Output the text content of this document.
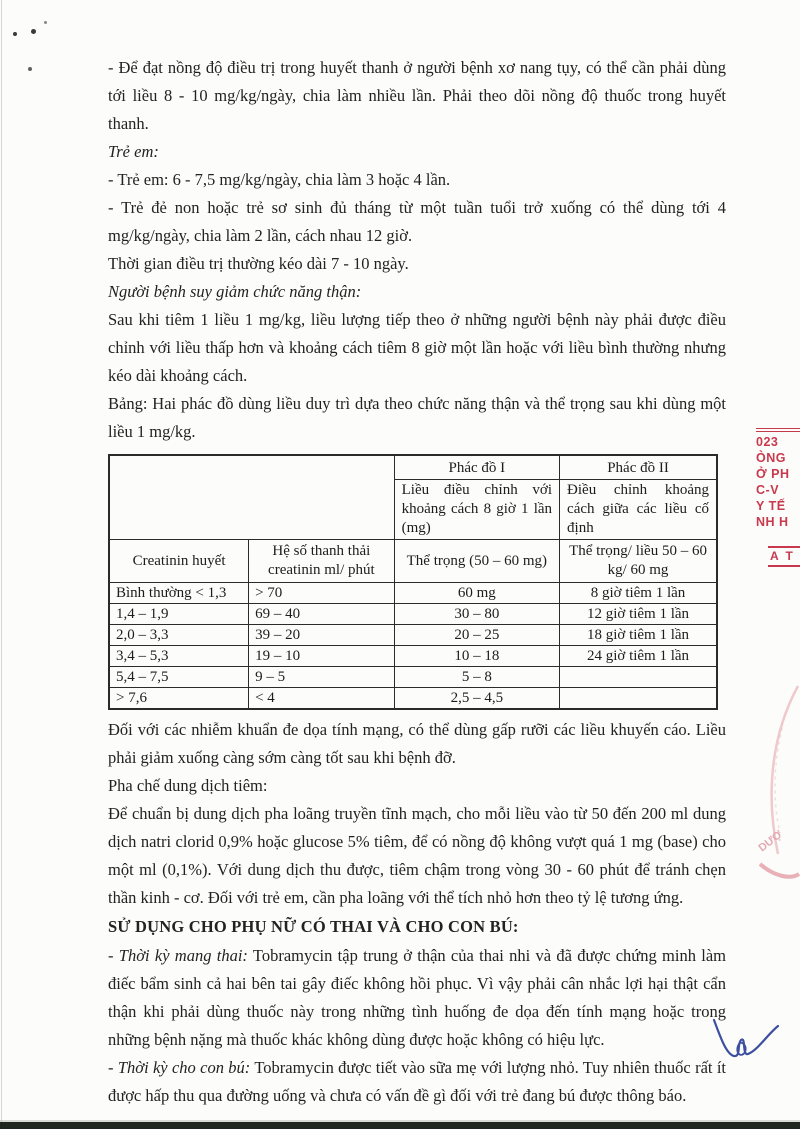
- Để đạt nồng độ điều trị trong huyết thanh ở người bệnh xơ nang tụy, có thể cần phải dùng tới liều 8 - 10 mg/kg/ngày, chia làm nhiều lần. Phải theo dõi nồng độ thuốc trong huyết thanh.

Trẻ em:

- Trẻ em: 6 - 7,5 mg/kg/ngày, chia làm 3 hoặc 4 lần.

- Trẻ đẻ non hoặc trẻ sơ sinh đủ tháng từ một tuần tuổi trở xuống có thể dùng tới 4 mg/kg/ngày, chia làm 2 lần, cách nhau 12 giờ.

Thời gian điều trị thường kéo dài 7 - 10 ngày.

Người bệnh suy giảm chức năng thận:

Sau khi tiêm 1 liều 1 mg/kg, liều lượng tiếp theo ở những người bệnh này phải được điều chỉnh với liều thấp hơn và khoảng cách tiêm 8 giờ một lần hoặc với liều bình thường nhưng kéo dài khoảng cách.

Bảng: Hai phác đồ dùng liều duy trì dựa theo chức năng thận và thể trọng sau khi dùng một liều 1 mg/kg.

		Phác đồ I	Phác đồ II
		Liều điều chỉnh với khoảng cách 8 giờ 1 lần (mg)	Điều chỉnh khoảng cách giữa các liều cố định
Creatinin huyết	Hệ số thanh thải creatinin ml/ phút	Thể trọng (50 – 60 mg)	Thể trọng/ liều 50 – 60 kg/ 60 mg
Bình thường < 1,3	> 70	60 mg	8 giờ tiêm 1 lần
1,4 – 1,9	69 – 40	30 – 80	12 giờ tiêm 1 lần
2,0 – 3,3	39 – 20	20 – 25	18 giờ tiêm 1 lần
3,4 – 5,3	19 – 10	10 – 18	24 giờ tiêm 1 lần
5,4 – 7,5	9 – 5	5 – 8	
> 7,6	< 4	2,5 – 4,5	

Đối với các nhiễm khuẩn đe dọa tính mạng, có thể dùng gấp rưỡi các liều khuyến cáo. Liều phải giảm xuống càng sớm càng tốt sau khi bệnh đỡ.

Pha chế dung dịch tiêm:

Để chuẩn bị dung dịch pha loãng truyền tĩnh mạch, cho mỗi liều vào từ 50 đến 200 ml dung dịch natri clorid 0,9% hoặc glucose 5% tiêm, để có nồng độ không vượt quá 1 mg (base) cho một ml (0,1%). Với dung dịch thu được, tiêm chậm trong vòng 30 - 60 phút để tránh chẹn thần kinh - cơ. Đối với trẻ em, cần pha loãng với thể tích nhỏ hơn theo tỷ lệ tương ứng.

SỬ DỤNG CHO PHỤ NỮ CÓ THAI VÀ CHO CON BÚ:

- Thời kỳ mang thai: Tobramycin tập trung ở thận của thai nhi và đã được chứng minh làm điếc bẩm sinh cả hai bên tai gây điếc không hồi phục. Vì vậy phải cân nhắc lợi hại thật cẩn thận khi phải dùng thuốc này trong những tình huống đe dọa đến tính mạng hoặc trong những bệnh nặng mà thuốc khác không dùng được hoặc không có hiệu lực.

- Thời kỳ cho con bú: Tobramycin được tiết vào sữa mẹ với lượng nhỏ. Tuy nhiên thuốc rất ít được hấp thu qua đường uống và chưa có vấn đề gì đối với trẻ đang bú được thông báo.

023
ÒNG
Ở PH
C-V
Y TẾ
NH H
A T
DƯỢ
